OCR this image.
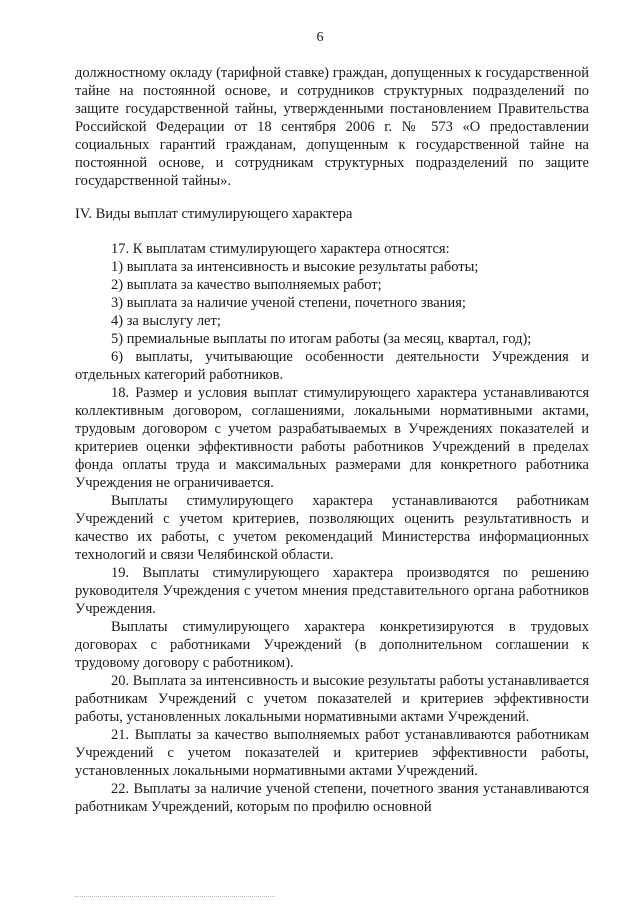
6

должностному окладу (тарифной ставке) граждан, допущенных к государственной тайне на постоянной основе, и сотрудников структурных подразделений по защите государственной тайны, утвержденными постановлением Правительства Российской Федерации от 18 сентября 2006 г. № 573 «О предоставлении социальных гарантий гражданам, допущенным к государственной тайне на постоянной основе, и сотрудникам структурных подразделений по защите государственной тайны».

IV. Виды выплат стимулирующего характера

17. К выплатам стимулирующего характера относятся:

1) выплата за интенсивность и высокие результаты работы;

2) выплата за качество выполняемых работ;

3) выплата за наличие ученой степени, почетного звания;

4) за выслугу лет;

5) премиальные выплаты по итогам работы (за месяц, квартал, год);

6) выплаты, учитывающие особенности деятельности Учреждения и отдельных категорий работников.

18. Размер и условия выплат стимулирующего характера устанавливаются коллективным договором, соглашениями, локальными нормативными актами, трудовым договором с учетом разрабатываемых в Учреждениях показателей и критериев оценки эффективности работы работников Учреждений в пределах фонда оплаты труда и максимальных размерами для конкретного работника Учреждения не ограничивается.

Выплаты стимулирующего характера устанавливаются работникам Учреждений с учетом критериев, позволяющих оценить результативность и качество их работы, с учетом рекомендаций Министерства информационных технологий и связи Челябинской области.

19. Выплаты стимулирующего характера производятся по решению руководителя Учреждения с учетом мнения представительного органа работников Учреждения.

Выплаты стимулирующего характера конкретизируются в трудовых договорах с работниками Учреждений (в дополнительном соглашении к трудовому договору с работником).

20. Выплата за интенсивность и высокие результаты работы устанавливается работникам Учреждений с учетом показателей и критериев эффективности работы, установленных локальными нормативными актами Учреждений.

21. Выплаты за качество выполняемых работ устанавливаются работникам Учреждений с учетом показателей и критериев эффективности работы, установленных локальными нормативными актами Учреждений.

22. Выплаты за наличие ученой степени, почетного звания устанавливаются работникам Учреждений, которым по профилю основной
